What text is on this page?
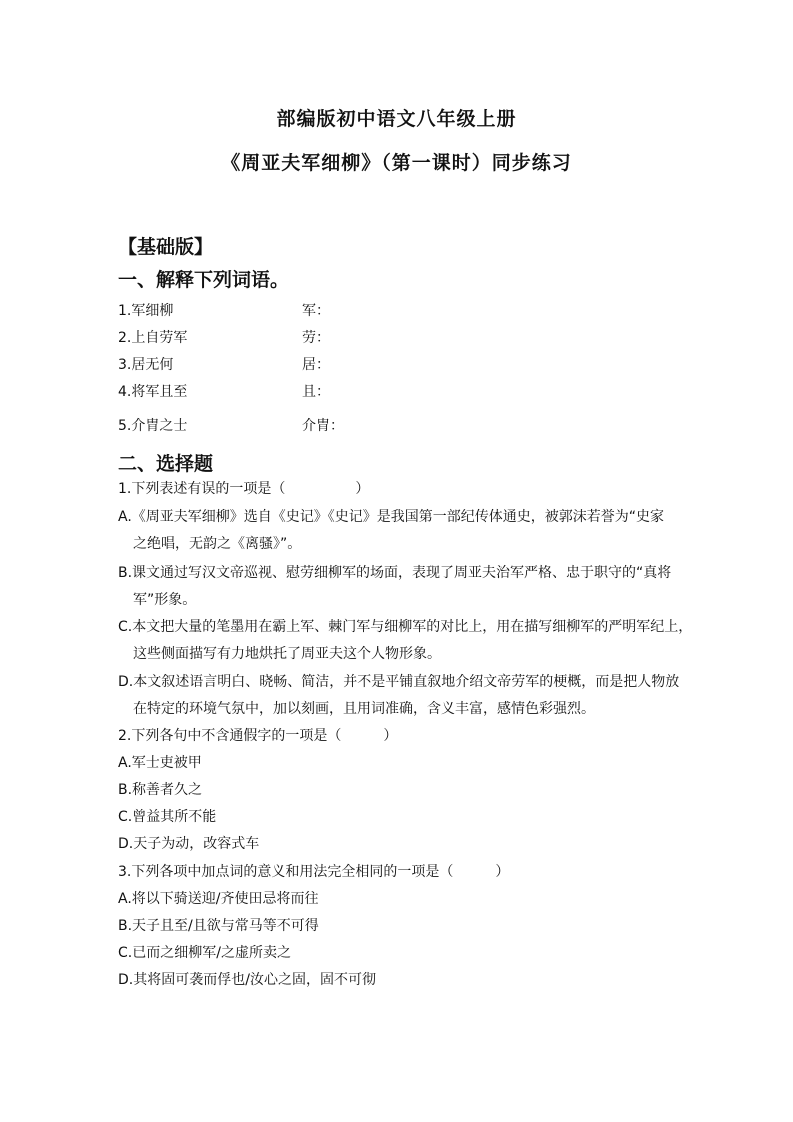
部编版初中语文八年级上册
《周亚夫军细柳》（第一课时）同步练习
【基础版】
一、解释下列词语。
1.军细柳	军：
2.上自劳军	劳：
3.居无何	居：
4.将军且至	且：
5.介胄之士	介胄：
二、选择题
1.下列表述有误的一项是（　　　　　）
A.《周亚夫军细柳》选自《史记》《史记》是我国第一部纪传体通史，被郭沫若誉为“史家
之绝唱，无韵之《离骚》”。
B.课文通过写汉文帝巡视、慰劳细柳军的场面，表现了周亚夫治军严格、忠于职守的“真将
军”形象。
C.本文把大量的笔墨用在霸上军、棘门军与细柳军的对比上，用在描写细柳军的严明军纪上，
这些侧面描写有力地烘托了周亚夫这个人物形象。
D.本文叙述语言明白、晓畅、简洁，并不是平铺直叙地介绍文帝劳军的梗概，而是把人物放
在特定的环境气氛中，加以刻画，且用词准确，含义丰富，感情色彩强烈。
2.下列各句中不含通假字的一项是（　　　）
A.军士吏被甲
B.称善者久之
C.曾益其所不能
D.天子为动，改容式车
3.下列各项中加点词的意义和用法完全相同的一项是（　　　）
A.将以下骑送迎/齐使田忌将而往
B.天子且至/且欲与常马等不可得
C.已而之细柳军/之虚所卖之
D.其将固可袭而俘也/汝心之固，固不可彻
